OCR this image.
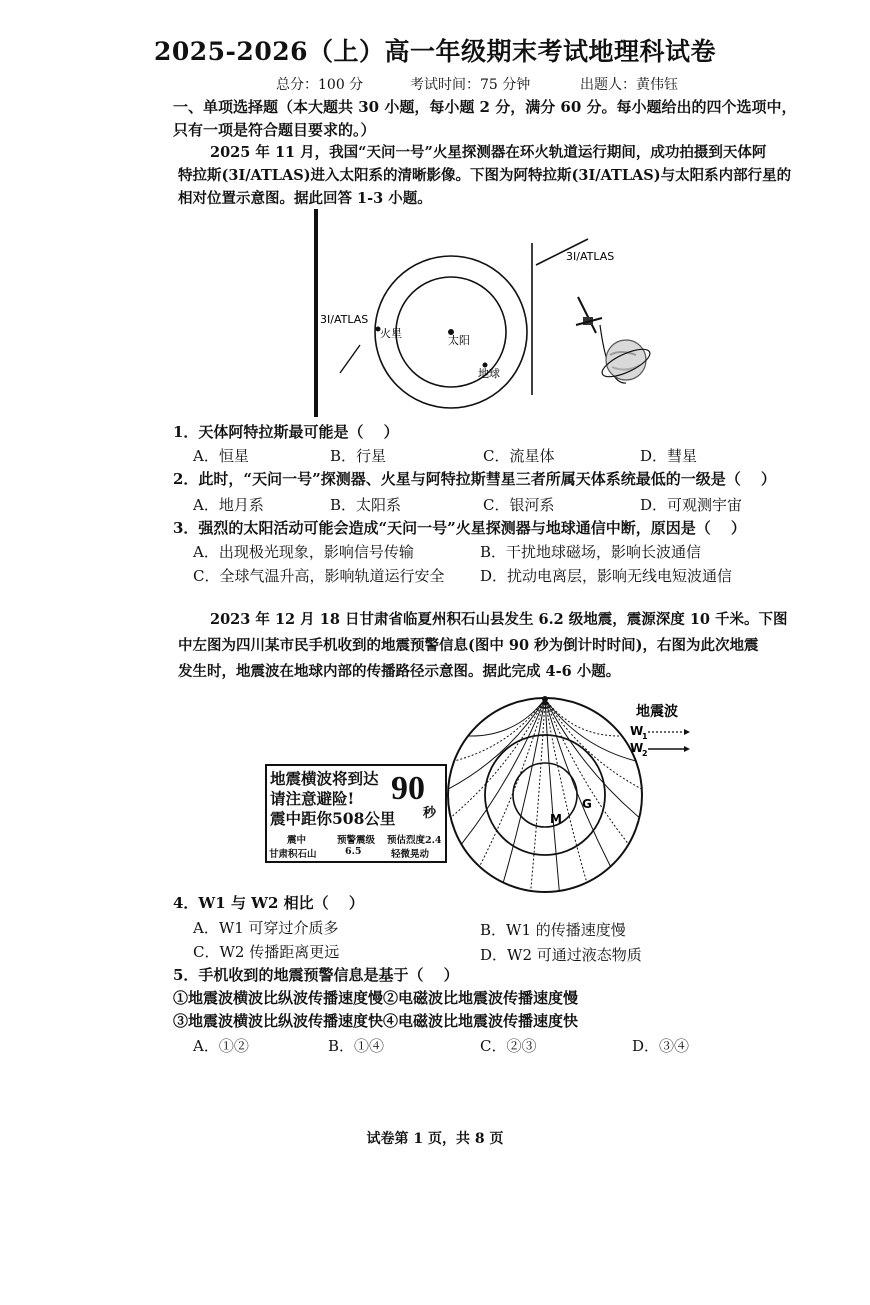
2025-2026（上）高一年级期末考试地理科试卷
总分：100 分	考试时间：75 分钟	出题人：黄伟钰
一、单项选择题（本大题共 30 小题，每小题 2 分，满分 60 分。每小题给出的四个选项中，
只有一项是符合题目要求的。）
2025 年 11 月，我国“天问一号”火星探测器在环火轨道运行期间，成功拍摄到天体阿
特拉斯(3I/ATLAS)进入太阳系的清晰影像。下图为阿特拉斯(3I/ATLAS)与太阳系内部行星的
相对位置示意图。据此回答 1-3 小题。
3I/ATLAS
火星
太阳
地球
3I/ATLAS
1．天体阿特拉斯最可能是（　 ）
A．恒星	B．行星	C．流星体	D．彗星
2．此时，“天问一号”探测器、火星与阿特拉斯彗星三者所属天体系统最低的一级是（　 ）
A．地月系	B．太阳系	C．银河系	D．可观测宇宙
3．强烈的太阳活动可能会造成“天问一号”火星探测器与地球通信中断，原因是（　 ）
A．出现极光现象，影响信号传输	B．干扰地球磁场，影响长波通信
C．全球气温升高，影响轨道运行安全 D．扰动电离层，影响无线电短波通信
2023 年 12 月 18 日甘肃省临夏州积石山县发生 6.2 级地震，震源深度 10 千米。下图
中左图为四川某市民手机收到的地震预警信息(图中 90 秒为倒计时时间)，右图为此次地震
发生时，地震波在地球内部的传播路径示意图。据此完成 4-6 小题。
地震横波将到达
请注意避险!
震中距你508公里
90
秒
震中	预警震级 预估烈度2.4
甘肃积石山	6.5	轻微晃动
M
G
地震波
W
1
W
2
4．W1 与 W2 相比（　 ）
A．W1 可穿过介质多	B．W1 的传播速度慢
C．W2 传播距离更远	D．W2 可通过液态物质
5．手机收到的地震预警信息是基于（　 ）
①地震波横波比纵波传播速度慢②电磁波比地震波传播速度慢
③地震波横波比纵波传播速度快④电磁波比地震波传播速度快
A．①②	B．①④	C．②③	D．③④
试卷第 1 页，共 8 页
